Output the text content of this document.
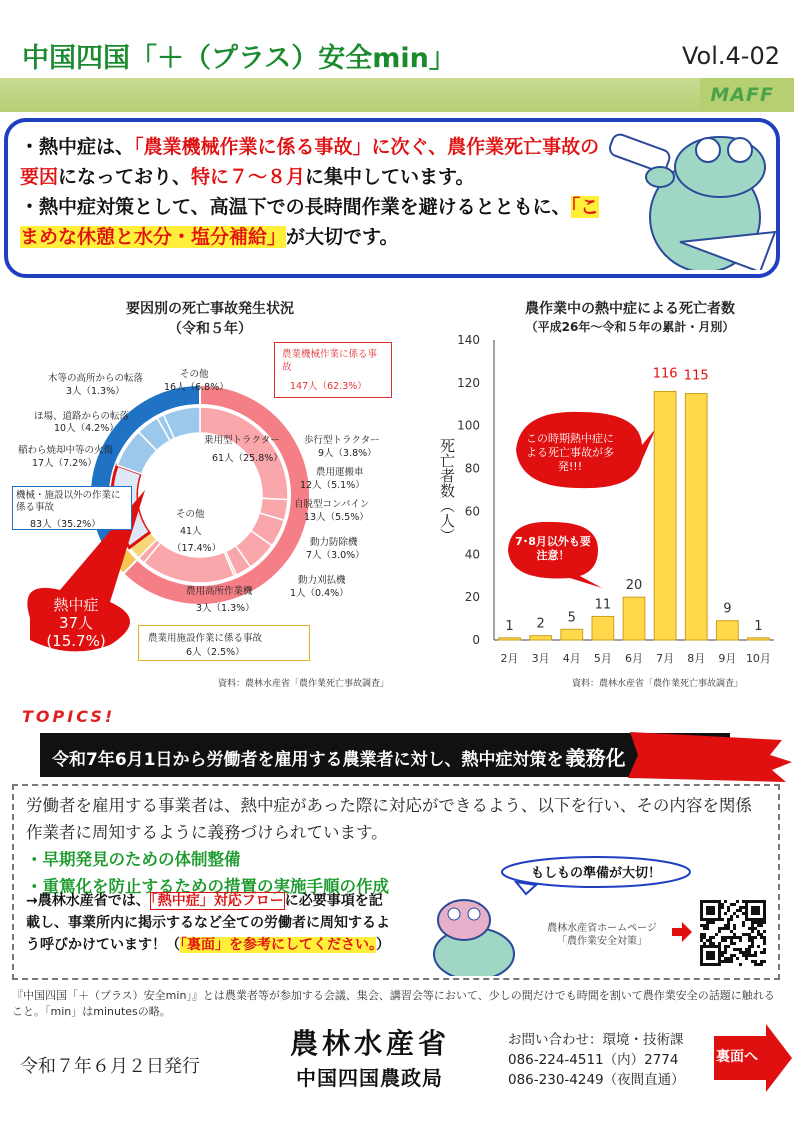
中国四国「＋（プラス）安全min」	Vol.4-02
MAFF
・熱中症は、「農業機械作業に係る事故」に次ぐ、農作業死亡事故の要因になっており、特に７～８月に集中しています。
・熱中症対策として、高温下での長時間作業を避けるとともに、「こまめな休憩と水分・塩分補給」が大切です。
要因別の死亡事故発生状況
（令和５年）
木等の高所からの転落
3人（1.3%）
その他
16人（6.8%）
農業機械作業に係る事故
147人（62.3%）
ほ場、道路からの転落
10人（4.2%）
稲わら焼却中等の火傷
17人（7.2%）
機械・施設以外の作業に係る事故
83人（35.2%）
乗用型トラクター
61人（25.8%）
歩行型トラクター
9人（3.8%）
農用運搬車
12人（5.1%）
自脱型コンバイン
13人（5.5%）
動力防除機
7人（3.0%）
動力刈払機
1人（0.4%）
その他
41人
（17.4%）
農用高所作業機
3人（1.3%）
農業用施設作業に係る事故
6人（2.5%）
熱中症
37人
(15.7%)
資料：農林水産省「農作業死亡事故調査」
農作業中の熱中症による死亡者数
（平成26年～令和５年の累計・月別）
0
20
40
60
80
100
120
140
1
2月
2
3月
5
4月
11
5月
20
6月
116
7月
115
8月
9
9月
1
10月
死亡者数（人）
資料：農林水産省「農作業死亡事故調査」
この時期熱中症による死亡事故が多発!!!
7･8月以外も要注意！
TOPICS!
令和7年6月1日から労働者を雇用する農業者に対し、熱中症対策を 義務化
労働者を雇用する事業者は、熱中症があった際に対応ができるよう、以下を行い、その内容を関係作業者に周知するように義務づけられています。
・早期発見のための体制整備
・重篤化を防止するための措置の実施手順の作成
→農林水産省では、「熱中症」対応フローに必要事項を記載し、事業所内に掲示するなど全ての労働者に周知するよう呼びかけています！（「裏面」を参考にしてください。）
もしもの準備が大切！
農林水産省ホームページ
「農作業安全対策」
『中国四国「＋（プラス）安全min」』とは農業者等が参加する会議、集会、講習会等において、少しの間だけでも時間を割いて農作業安全の話題に触れること。「min」はminutesの略。
令和７年６月２日発行
農林水産省
中国四国農政局
お問い合わせ：環境・技術課
086-224-4511（内）2774
086-230-4249（夜間直通）
裏面へ
